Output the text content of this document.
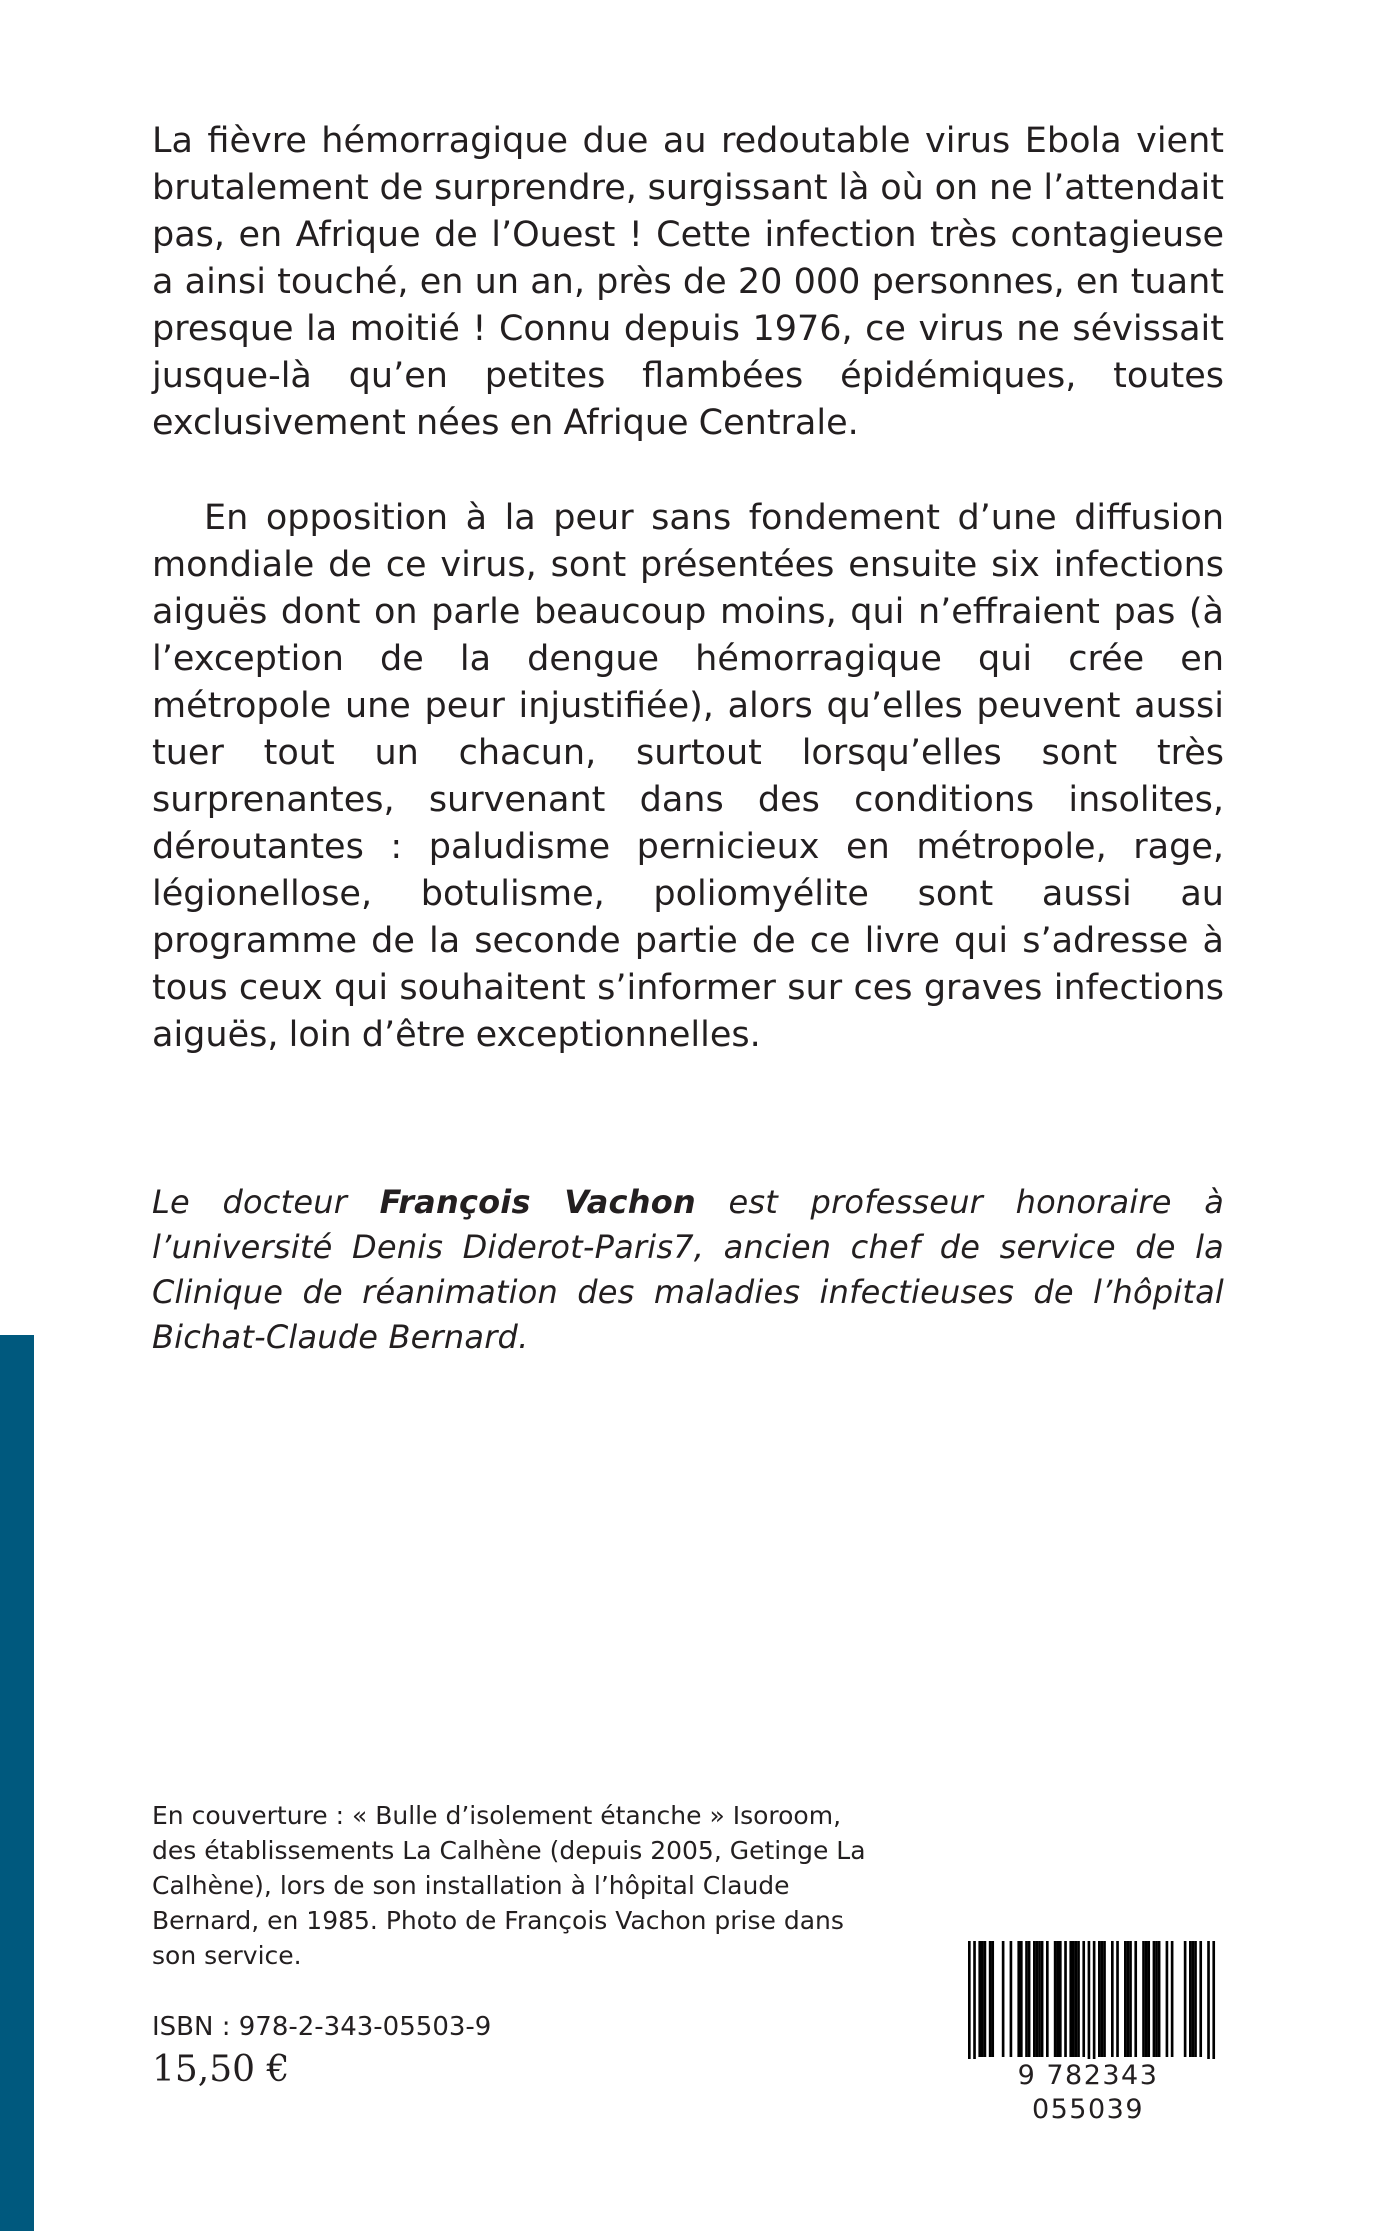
La fièvre hémorragique due au redoutable virus Ebola vient brutalement de surprendre, surgissant là où on ne l’attendait pas, en Afrique de l’Ouest ! Cette infection très contagieuse a ainsi touché, en un an, près de 20 000 personnes, en tuant presque la moitié ! Connu depuis 1976, ce virus ne sévissait jusque-là qu’en petites flambées épidémiques, toutes exclusivement nées en Afrique Centrale.

En opposition à la peur sans fondement d’une diffusion mondiale de ce virus, sont présentées ensuite six infections aiguës dont on parle beaucoup moins, qui n’effraient pas (à l’exception de la dengue hémorragique qui crée en métropole une peur injustifiée), alors qu’elles peuvent aussi tuer tout un chacun, surtout lorsqu’elles sont très surprenantes, survenant dans des conditions insolites, déroutantes : paludisme pernicieux en métropole, rage, légionellose, botulisme, poliomyélite sont aussi au programme de la seconde partie de ce livre qui s’adresse à tous ceux qui souhaitent s’informer sur ces graves infections aiguës, loin d’être exceptionnelles.

Le docteur François Vachon est professeur honoraire à l’université Denis Diderot-Paris7, ancien chef de service de la Clinique de réanimation des maladies infectieuses de l’hôpital Bichat-Claude Bernard.

En couverture : « Bulle d’isolement étanche » Isoroom, des établissements La Calhène (depuis 2005, Getinge La Calhène), lors de son installation à l’hôpital Claude Bernard, en 1985. Photo de François Vachon prise dans son service.

ISBN : 978-2-343-05503-9
15,50 €	9 782343 055039
